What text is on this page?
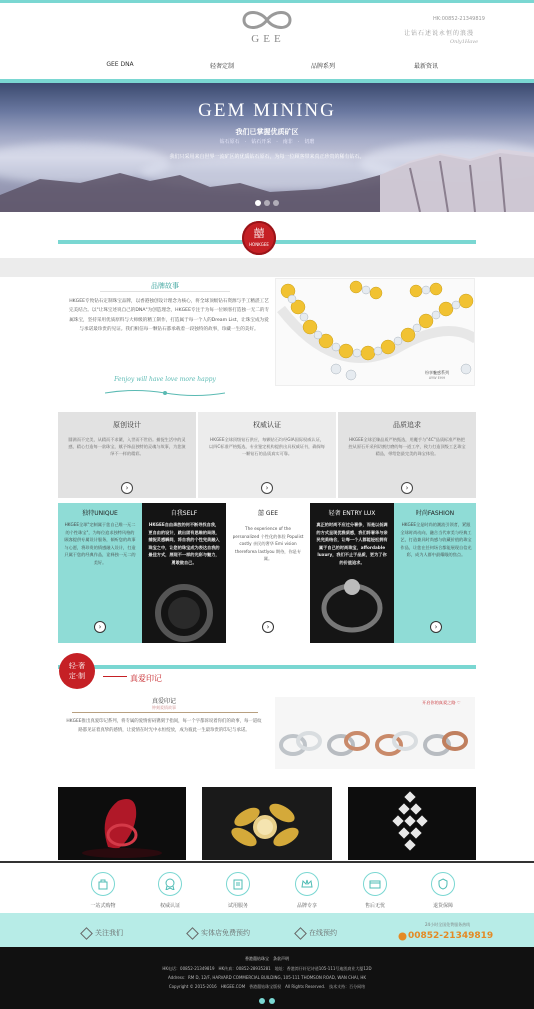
GEE
HK:00852-21349819
让钻石述说永恒的浪漫
Only1Have
GEE DNA	轻奢定制	品牌系列	最新资讯
GEM MINING
我们已掌握优质矿区
钻石原石　·　钻石开采　·　南非　·　切磨
我们只采用来自世界一流矿区的优质钻石原石，为每一位顾客带来真正珍贵的稀有钻石。
囍
HONKGEE
品牌故事
HKGEE专致钻石定制珠宝品牌，以香港独创设计理念为核心，将全球顶级钻石资源与手工精湛工艺完美结合。以"让珠宝述说自己的DNA"为创造理念，HKGEE专注于为每一位顾客打造独一无二的专属珠宝，坚持采用优质原料与大师级的精工制作，打造属于每一个人的Dream List，让珠宝成为爱与承诺最珍贵的见证。我们相信每一颗钻石都承载着一段独特的故事，珍藏一生的美好。
Fenjoy will have love more happy
纷享魅惑系列
AYW EHH
原创设计
圆满而不完美，从精而不求繁，入世而不世俗。捕捉生活中的灵感，精心打造每一款珠宝，赋予饰品独特的灵魂与故事，为您演绎不一样的精彩。
›
权威认证
HKGEE全球顶级钻石供应，每颗钻石均经GIA国际权威认证，以四C标准严格甄选，专业鉴定机构提供出具权威证书，确保每一颗钻石的品质真实可靠。
›
品质追求
HKGEE全球至臻品质严格甄选，用魔手与"4C"品质标准严格把控从原石开采到切割打磨的每一道工序，致力打造顶级工艺珠宝精品，带给您最完美的珠宝体验。
›
独特UNIQUE
HKGEE全球"定制属于您自己唯一无二的个性珠宝"，为每位追求独特风格的顾客提供专属设计服务，倾听您的故事与心愿，将珍贵的情感融入设计，打造只属于您的经典作品，诠释独一无二的美好。
›
自我SELF
HKGEE自由奔放的何不断寻找自我，更自由的设计，跳出固有思维的局限，捕捉灵感瞬间，将自我的个性完美融入珠宝之中，让您的珠宝成为表达自我的最佳方式，展现不一样的光彩与魅力，勇敢做自己。
囍 GEE
The experience of the personalized 个性化的体验 Populist costly 亲民的奢华 Emi vision thereforea lastlyou 期待，你是专属。
›
轻奢 ENTRY LUX
真正的时尚不应过分奢侈，而是以低调的方式呈现优雅质感，我们将奢华与亲民完美结合，让每一个人都能轻松拥有属于自己的时尚珠宝，affordable luxury，我们不止于品质，更为了你的价值追求。
时尚FASHION
HKGEE全是时尚的潮流引领者，紧跟全球时尚动向，融合当代审美与经典工艺，打造兼具时尚感与收藏价值的珠宝作品，让您在任何场合都能展现自信光彩，成为人群中最耀眼的焦点。
›
轻·奢
定·制	真爱印记
真爱印记
钟刻爱情故事
HKGEE推出真爱印记系列，将专属的爱情密码镌刻于指间，每一个字都诉说着你们的故事，每一道纹路都见证着真挚的感情，让爱情在时光中永恒绽放，成为彼此一生最珍贵的印记与承诺。
开启你的真爱之路 ♡
一站式购物	权威认证	试用服务	品牌专享	售后无忧	退货保障
关注我们	实体店免费预约	在线预约
24小时全国免费服务热线
00852-21349819
香港囍钻珠宝　条款声明
HK电话：00852-21349819　HK传真：00852-28935281　地址：香港湾仔轩尼诗道105-111号迪凯商业大厦12D
Address：RM D, 12/F, HARVARD COMMERCIAL BUILDING, 105-111 THOMSON ROAD, WAN CHAI, HK
Copyright © 2015-2016　HKGEE.COM　香港囍钻珠宝版权　All Rights Reserved.　技术支持：百分网络
